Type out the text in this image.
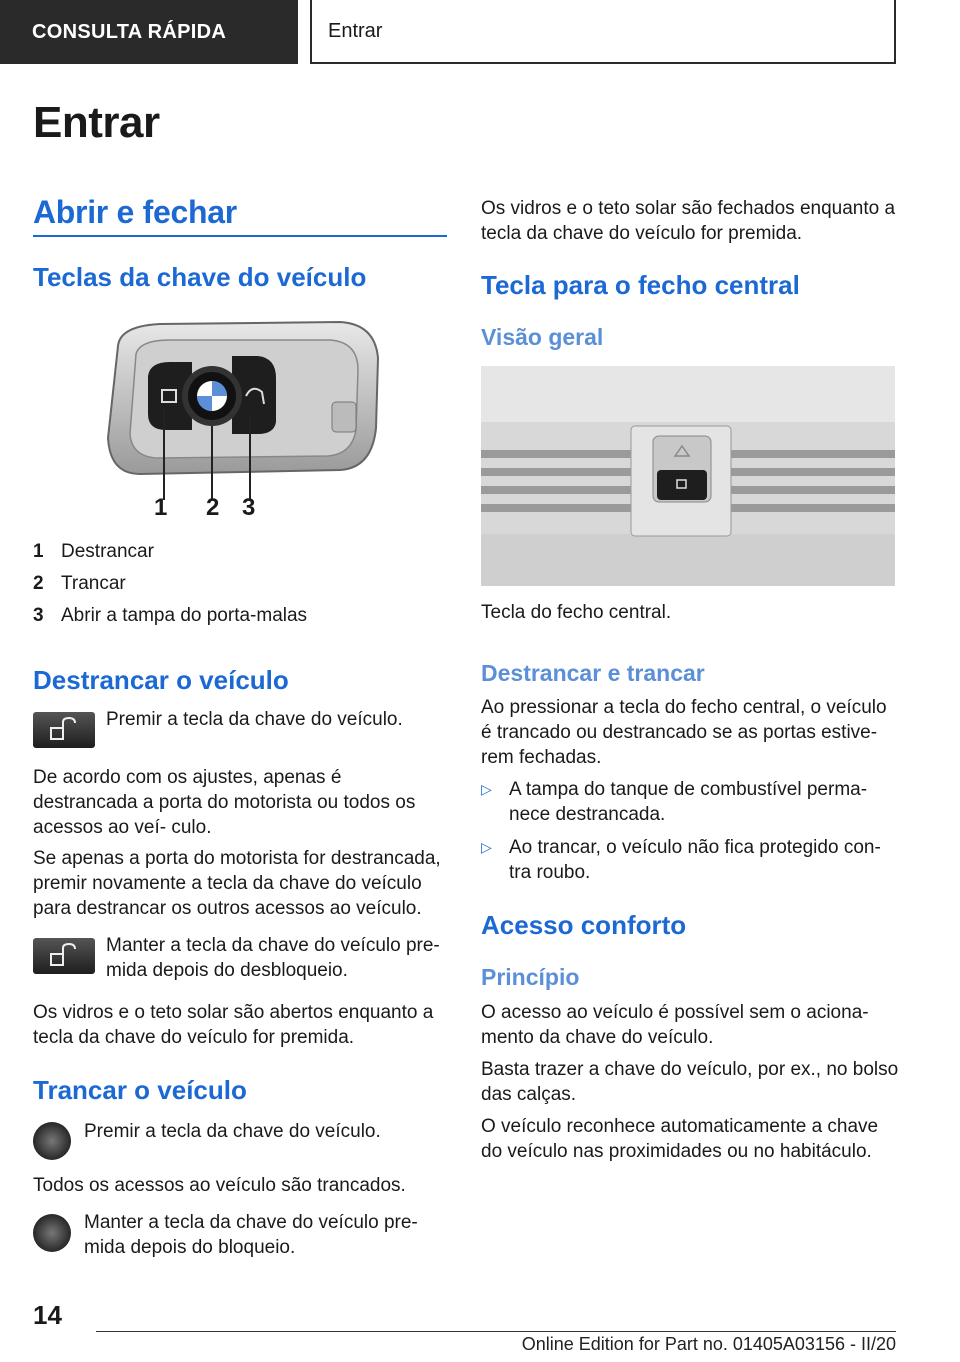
CONSULTA RÁPIDA	Entrar
Entrar
Abrir e fechar
Teclas da chave do veículo
1 2 3
1 Destrancar
2 Trancar
3 Abrir a tampa do porta-malas
Destrancar o veículo
Premir a tecla da chave do veículo.
De acordo com os ajustes, apenas é destrancada a porta do motorista ou todos os acessos ao veí- culo.
Se apenas a porta do motorista for destrancada, premir novamente a tecla da chave do veículo para destrancar os outros acessos ao veículo.
Manter a tecla da chave do veículo pre- mida depois do desbloqueio.
Os vidros e o teto solar são abertos enquanto a tecla da chave do veículo for premida.
Trancar o veículo
Premir a tecla da chave do veículo.
Todos os acessos ao veículo são trancados.
Manter a tecla da chave do veículo pre- mida depois do bloqueio.
Os vidros e o teto solar são fechados enquanto a tecla da chave do veículo for premida.
Tecla para o fecho central
Visão geral
Tecla do fecho central.
Destrancar e trancar
Ao pressionar a tecla do fecho central, o veículo é trancado ou destrancado se as portas estive- rem fechadas.
▷ A tampa do tanque de combustível perma- nece destrancada.
▷ Ao trancar, o veículo não fica protegido con- tra roubo.
Acesso conforto
Princípio
O acesso ao veículo é possível sem o aciona- mento da chave do veículo.
Basta trazer a chave do veículo, por ex., no bolso das calças.
O veículo reconhece automaticamente a chave do veículo nas proximidades ou no habitáculo.
14
Online Edition for Part no. 01405A03156 - II/20
